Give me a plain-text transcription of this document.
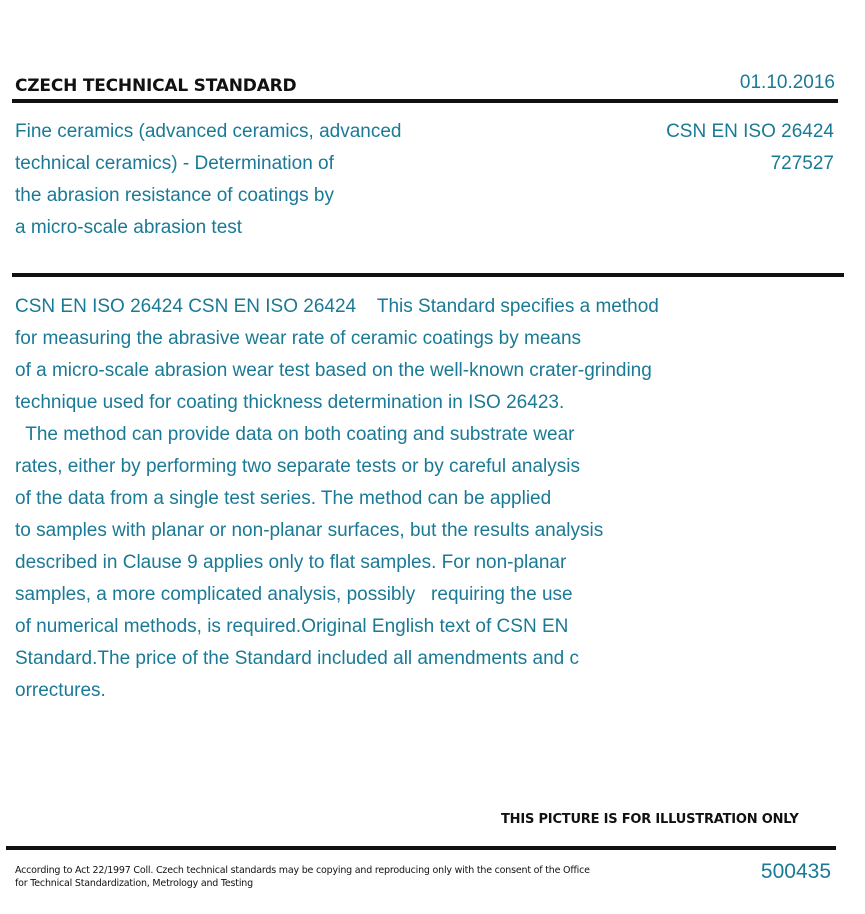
CZECH TECHNICAL STANDARD	01.10.2016
Fine ceramics (advanced ceramics, advanced
technical ceramics) - Determination of
the abrasion resistance of coatings by
a micro-scale abrasion test
CSN EN ISO 26424
727527
CSN EN ISO 26424 CSN EN ISO 26424    This Standard specifies a method
for measuring the abrasive wear rate of ceramic coatings by means
of a micro-scale abrasion wear test based on the well-known crater-grinding
technique used for coating thickness determination in ISO 26423.
The method can provide data on both coating and substrate wear
rates, either by performing two separate tests or by careful analysis
of the data from a single test series. The method can be applied
to samples with planar or non-planar surfaces, but the results analysis
described in Clause 9 applies only to flat samples. For non-planar
samples, a more complicated analysis, possibly   requiring the use
of numerical methods, is required.Original English text of CSN EN
Standard.The price of the Standard included all amendments and c
orrectures.
THIS PICTURE IS FOR ILLUSTRATION ONLY
According to Act 22/1997 Coll. Czech technical standards may be copying and reproducing only with the consent of the Office
for Technical Standardization, Metrology and Testing
500435
